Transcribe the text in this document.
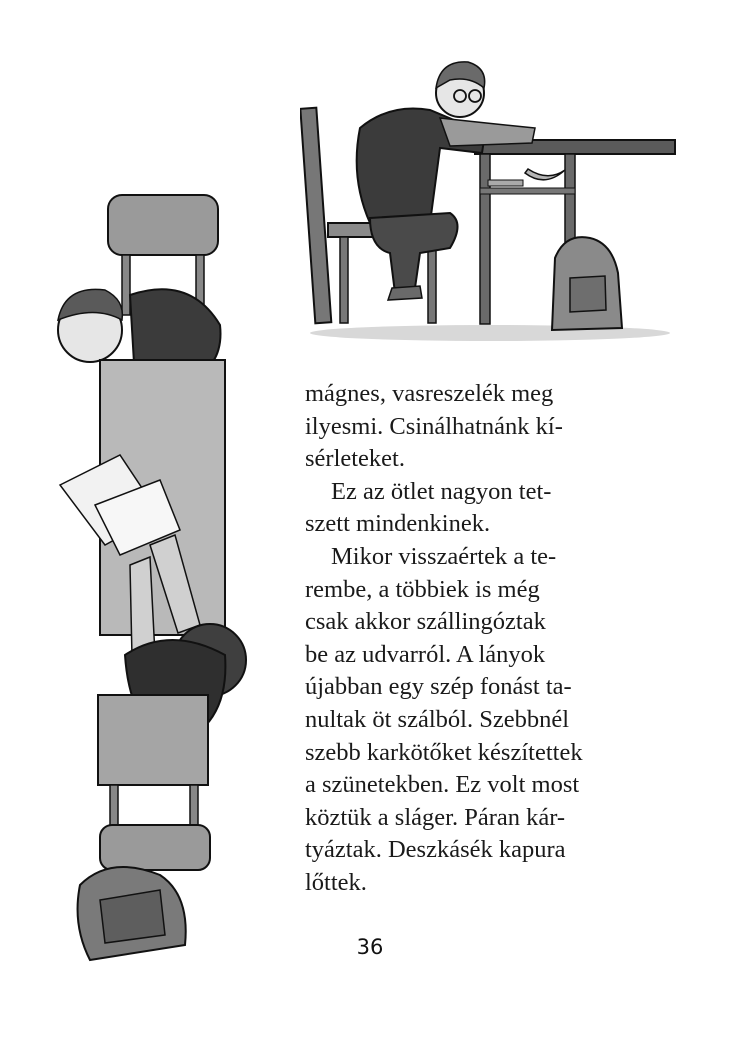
mágnes, vasreszelék meg
ilyesmi. Csinálhatnánk kí-
sérleteket.
Ez az ötlet nagyon tet-
szett mindenkinek.
Mikor visszaértek a te-
rembe, a többiek is még
csak akkor szállingóztak
be az udvarról. A lányok
újabban egy szép fonást ta-
nultak öt szálból. Szebbnél
szebb karkötőket készítettek
a szünetekben. Ez volt most
köztük a sláger. Páran kár-
tyáztak. Deszkásék kapura
lőttek.
36
